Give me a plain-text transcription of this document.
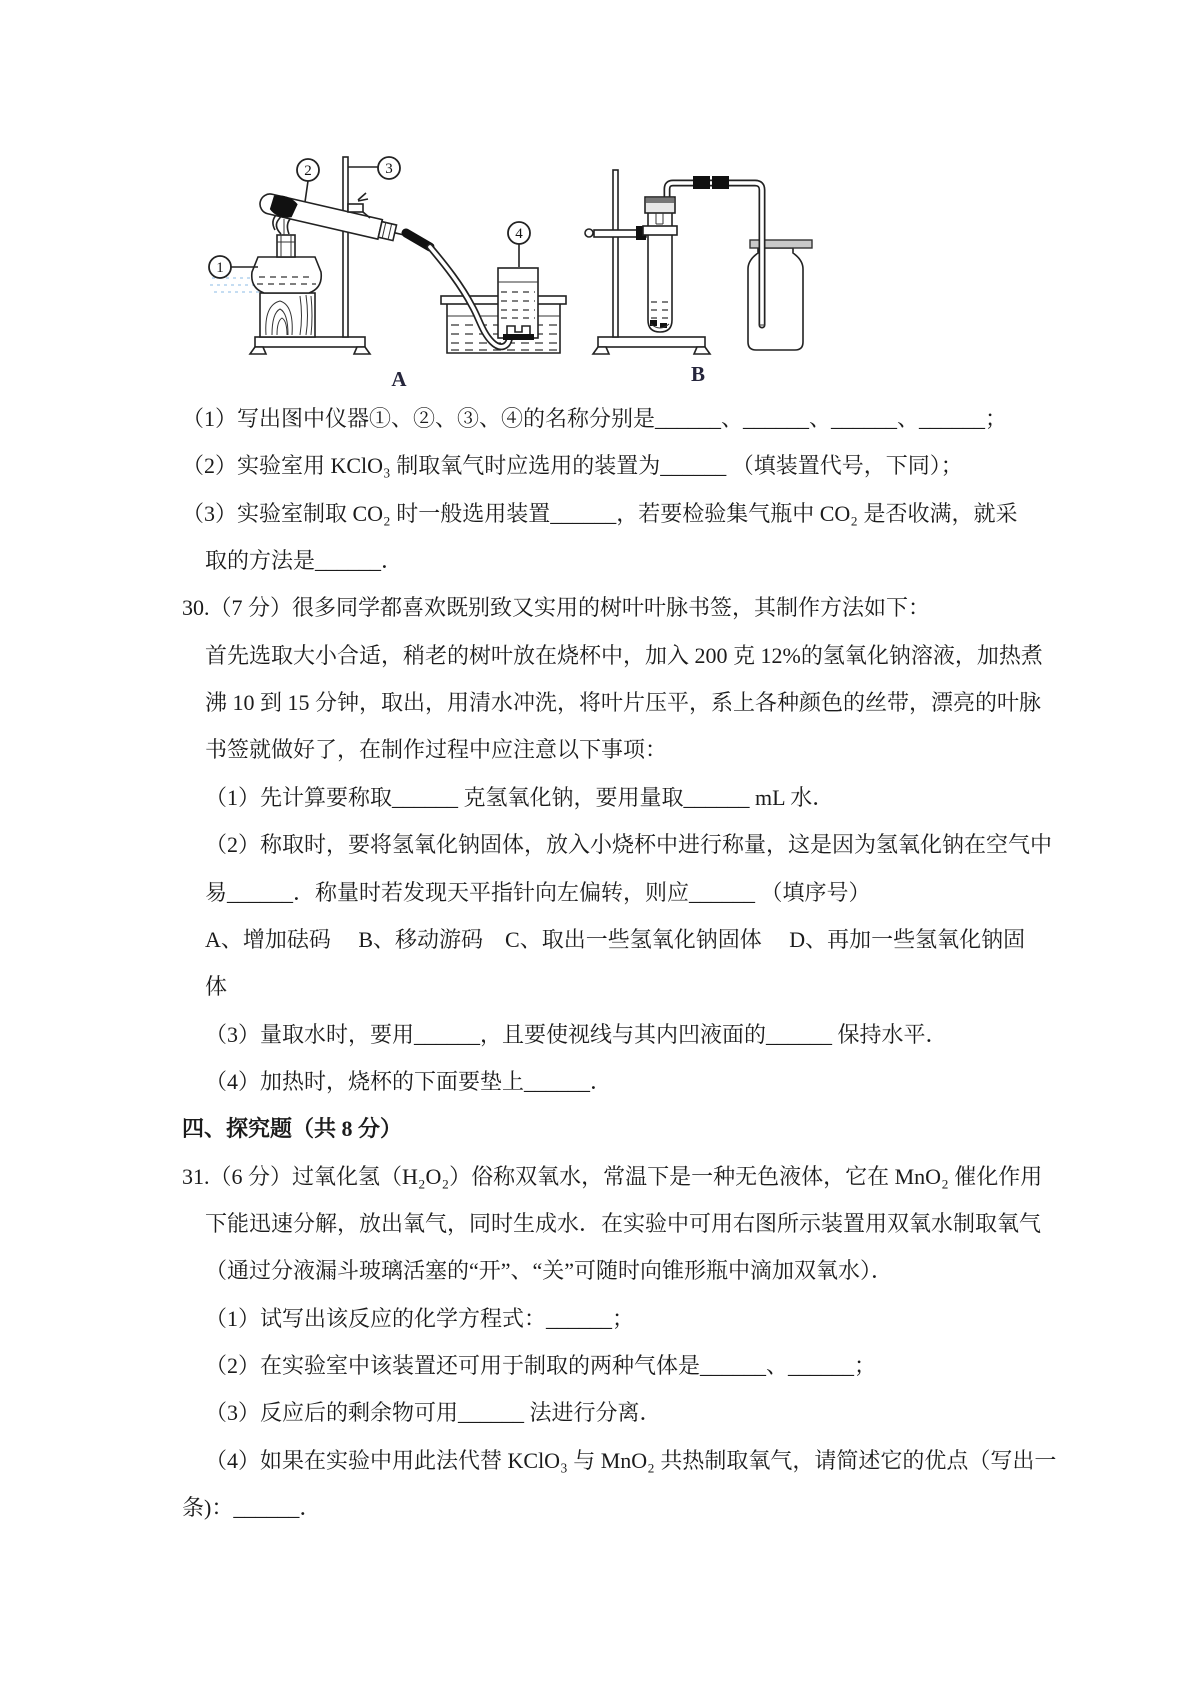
1
2	3
4
A	B
（1）写出图中仪器①、②、③、④的名称分别是______、______、______、______；
（2）实验室用 KClO₃ 制取氧气时应选用的装置为______ （填装置代号，下同）；
（3）实验室制取 CO₂ 时一般选用装置______，若要检验集气瓶中 CO₂ 是否收满，就采
取的方法是______．
30.（7 分）很多同学都喜欢既别致又实用的树叶叶脉书签，其制作方法如下：
首先选取大小合适，稍老的树叶放在烧杯中，加入 200 克 12%的氢氧化钠溶液，加热煮
沸 10 到 15 分钟，取出，用清水冲洗，将叶片压平，系上各种颜色的丝带，漂亮的叶脉
书签就做好了，在制作过程中应注意以下事项：
（1）先计算要称取______ 克氢氧化钠，要用量取______ mL 水．
（2）称取时，要将氢氧化钠固体，放入小烧杯中进行称量，这是因为氢氧化钠在空气中
易______．称量时若发现天平指针向左偏转，则应______ （填序号）
A、增加砝码　 B、移动游码　C、取出一些氢氧化钠固体　 D、再加一些氢氧化钠固
体
（3）量取水时，要用______，且要使视线与其内凹液面的______ 保持水平．
（4）加热时，烧杯的下面要垫上______．
四、探究题（共 8 分）
31.（6 分）过氧化氢（H₂O₂）俗称双氧水，常温下是一种无色液体，它在 MnO₂ 催化作用
下能迅速分解，放出氧气，同时生成水．在实验中可用右图所示装置用双氧水制取氧气
（通过分液漏斗玻璃活塞的“开”、“关”可随时向锥形瓶中滴加双氧水）．
（1）试写出该反应的化学方程式：______；
（2）在实验室中该装置还可用于制取的两种气体是______、______；
（3）反应后的剩余物可用______ 法进行分离．
（4）如果在实验中用此法代替 KClO₃ 与 MnO₂ 共热制取氧气，请简述它的优点（写出一
条)：______．
